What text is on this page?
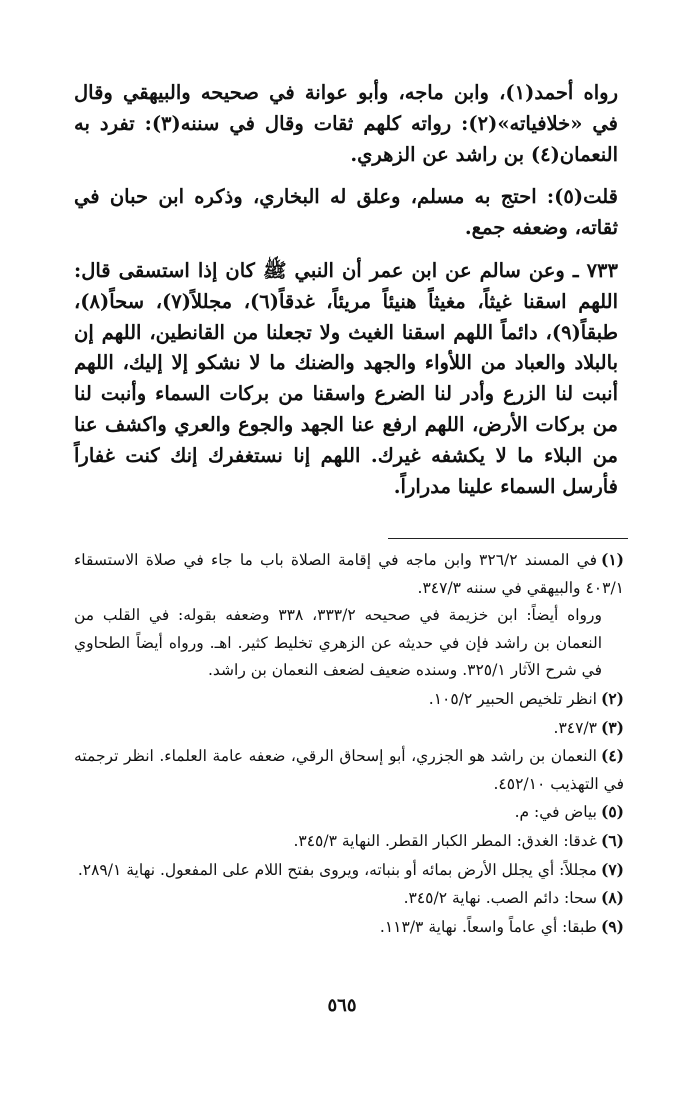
رواه أحمد(١)، وابن ماجه، وأبو عوانة في صحيحه والبيهقي وقال في «خلافياته»(٢): رواته كلهم ثقات وقال في سننه(٣): تفرد به النعمان(٤) بن راشد عن الزهري.

قلت(٥): احتج به مسلم، وعلق له البخاري، وذكره ابن حبان في ثقاته، وضعفه جمع.

٧٣٣ ـ وعن سالم عن ابن عمر أن النبي ﷺ كان إذا استسقى قال: اللهم اسقنا غيثاً، مغيثاً هنيئاً مريئاً، غدقاً(٦)، مجللاً(٧)، سحاً(٨)، طبقاً(٩)، دائماً اللهم اسقنا الغيث ولا تجعلنا من القانطين، اللهم إن بالبلاد والعباد من اللأواء والجهد والضنك ما لا نشكو إلا إليك، اللهم أنبت لنا الزرع وأدر لنا الضرع واسقنا من بركات السماء وأنبت لنا من بركات الأرض، اللهم ارفع عنا الجهد والجوع والعري واكشف عنا من البلاء ما لا يكشفه غيرك. اللهم إنا نستغفرك إنك كنت غفاراً فأرسل السماء علينا مدراراً.

(١)في المسند ٣٢٦/٢ وابن ماجه في إقامة الصلاة باب ما جاء في صلاة الاستسقاء ٤٠٣/١ والبيهقي في سننه ٣٤٧/٣.

ورواه أيضاً: ابن خزيمة في صحيحه ٣٣٣/٢، ٣٣٨ وضعفه بقوله: في القلب من النعمان بن راشد فإن في حديثه عن الزهري تخليط كثير. اهـ. ورواه أيضاً الطحاوي في شرح الآثار ٣٢٥/١. وسنده ضعيف لضعف النعمان بن راشد.

(٢)انظر تلخيص الحبير ١٠٥/٢.

(٣)٣٤٧/٣.

(٤)النعمان بن راشد هو الجزري، أبو إسحاق الرقي، ضعفه عامة العلماء. انظر ترجمته في التهذيب ٤٥٢/١٠.

(٥)بياض في: م.

(٦)غدقا: الغدق: المطر الكبار القطر. النهاية ٣٤٥/٣.

(٧)مجللاً: أي يجلل الأرض بمائه أو بنباته، ويروى بفتح اللام على المفعول. نهاية ٢٨٩/١.

(٨)سحا: دائم الصب. نهاية ٣٤٥/٢.

(٩)طبقا: أي عاماً واسعاً. نهاية ١١٣/٣.

٥٦٥
